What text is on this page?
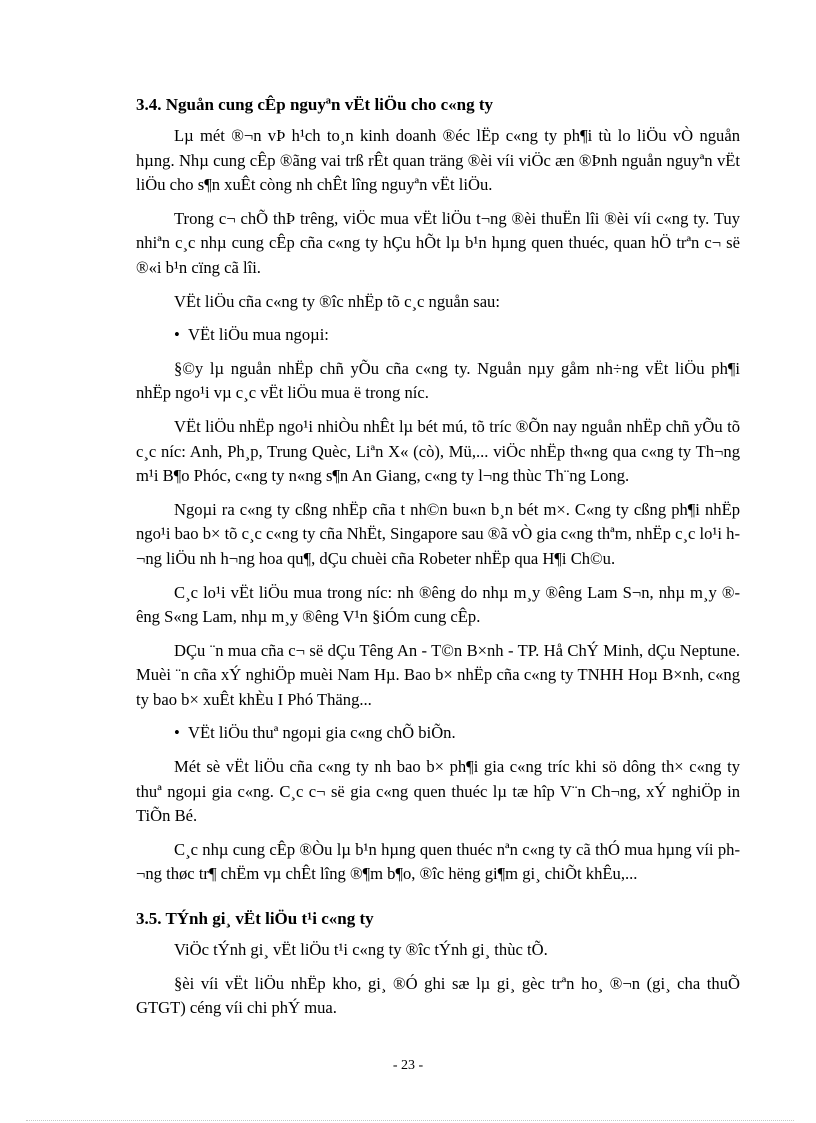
3.4. Nguån cung cÊp nguyªn vËt liÖu cho c«ng ty

Lµ mét ®¬n vÞ h¹ch to¸n kinh doanh ®éc lËp c«ng ty ph¶i tù lo liÖu vÒ nguån hµng. Nhµ cung cÊp ®ãng vai trß rÊt quan träng ®èi víi viÖc æn ®Þnh nguån nguyªn vËt liÖu cho s¶n xuÊt còng nh chÊt lîng nguyªn vËt liÖu.

Trong c¬ chÕ thÞ trêng, viÖc mua vËt liÖu t¬ng ®èi thuËn lîi ®èi víi c«ng ty. Tuy nhiªn c¸c nhµ cung cÊp cña c«ng ty hÇu hÕt lµ b¹n hµng quen thuéc, quan hÖ trªn c¬ së ®«i b¹n cïng cã lîi.

VËt liÖu cña c«ng ty ®îc nhËp tõ c¸c nguån sau:

• VËt liÖu mua ngoµi:

§©y lµ nguån nhËp chñ yÕu cña c«ng ty. Nguån nµy gåm nh÷ng vËt liÖu ph¶i nhËp ngo¹i vµ c¸c vËt liÖu mua ë trong níc.

VËt liÖu nhËp ngo¹i nhiÒu nhÊt lµ bét mú, tõ tríc ®Õn nay nguån nhËp chñ yÕu tõ c¸c níc: Anh, Ph¸p, Trung Quèc, Liªn X« (cò), Mü,... viÖc nhËp th«ng qua c«ng ty Th¬ng m¹i B¶o Phóc, c«ng ty n«ng s¶n An Giang, c«ng ty l¬ng thùc Th¨ng Long.

Ngoµi ra c«ng ty cßng nhËp cña t nh©n bu«n b¸n bét m×. C«ng ty cßng ph¶i nhËp ngo¹i bao b× tõ c¸c c«ng ty cña NhËt, Singapore sau ®ã vÒ gia c«ng thªm, nhËp c¸c lo¹i h¬ng liÖu nh h¬ng hoa qu¶, dÇu chuèi cña Robeter nhËp qua H¶i Ch©u.

C¸c lo¹i vËt liÖu mua trong níc: nh ®êng do nhµ m¸y ®êng Lam S¬n, nhµ m¸y ®êng S«ng Lam, nhµ m¸y ®êng V¹n §iÓm cung cÊp.

DÇu ¨n mua cña c¬ së dÇu Têng An - T©n B×nh - TP. Hå ChÝ Minh, dÇu Neptune. Muèi ¨n cña xÝ nghiÖp muèi Nam Hµ. Bao b× nhËp cña c«ng ty TNHH Hoµ B×nh, c«ng ty bao b× xuÊt khÈu I Phó Thäng...

• VËt liÖu thuª ngoµi gia c«ng chÕ biÕn.

Mét sè vËt liÖu cña c«ng ty nh bao b× ph¶i gia c«ng tríc khi sö dông th× c«ng ty thuª ngoµi gia c«ng. C¸c c¬ së gia c«ng quen thuéc lµ tæ hîp V¨n Ch¬ng, xÝ nghiÖp in TiÕn Bé.

C¸c nhµ cung cÊp ®Òu lµ b¹n hµng quen thuéc nªn c«ng ty cã thÓ mua hµng víi ph¬ng thøc tr¶ chËm vµ chÊt lîng ®¶m b¶o, ®îc hëng gi¶m gi¸ chiÕt khÊu,...

3.5. TÝnh gi¸ vËt liÖu t¹i c«ng ty

ViÖc tÝnh gi¸ vËt liÖu t¹i c«ng ty ®îc tÝnh gi¸ thùc tÕ.

§èi víi vËt liÖu nhËp kho, gi¸ ®Ó ghi sæ lµ gi¸ gèc trªn ho¸ ®¬n (gi¸ cha thuÕ GTGT) céng víi chi phÝ mua.

- 23 -
